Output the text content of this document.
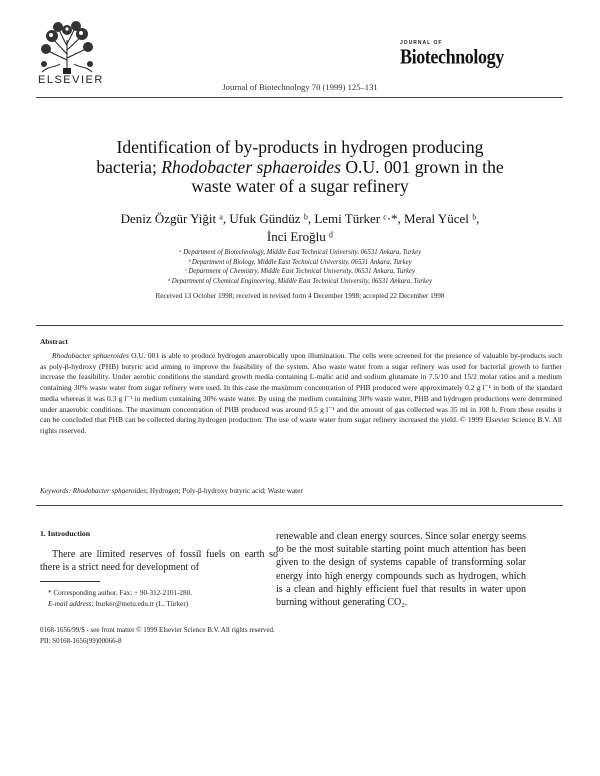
ELSEVIER
Journal of Biotechnology 70 (1999) 125–131
JOURNAL OF
Biotechnology
Identification of by-products in hydrogen producing
bacteria; Rhodobacter sphaeroides O.U. 001 grown in the
waste water of a sugar refinery
Deniz Özgür Yiğit ᵃ, Ufuk Gündüz ᵇ, Lemi Türker ᶜ·*, Meral Yücel ᵇ,
İnci Eroğlu ᵈ
ᵃ Department of Biotechnology, Middle East Technical University, 06531 Ankara, Turkey
ᵇ Department of Biology, Middle East Technical University, 06531 Ankara, Turkey
ᶜ Department of Chemistry, Middle East Technical University, 06531 Ankara, Turkey
ᵈ Department of Chemical Engineering, Middle East Technical University, 06531 Ankara, Turkey
Received 13 October 1998; received in revised form 4 December 1998; accepted 22 December 1998
Abstract
Rhodobacter sphaeroides O.U. 001 is able to produce hydrogen anaerobically upon illumination. The cells were screened for the presence of valuable by-products such as poly-β-hydroxy (PHB) butyric acid aiming to improve the feasibility of the system. Also waste water from a sugar refinery was used for bacterial growth to further increase the feasibility. Under aerobic conditions the standard growth media containing L-malic acid and sodium glutamate in 7.5/10 and 15/2 molar ratios and a medium containing 30% waste water from sugar refinery were used. In this case the maximum concentration of PHB produced were approximately 0.2 g l⁻¹ in both of the standard media whereas it was 0.3 g l⁻¹ in medium containing 30% waste water. By using the medium containing 30% waste water, PHB and hydrogen productions were determined under anaerobic conditions. The maximum concentration of PHB produced was around 0.5 g l⁻¹ and the amount of gas collected was 35 ml in 108 h. From these results it can be concluded that PHB can be collected during hydrogen production. The use of waste water from sugar refinery increased the yield. © 1999 Elsevier Science B.V. All rights reserved.
Keywords: Rhodobacter sphaeroides; Hydrogen; Poly-β-hydroxy butyric acid; Waste water
1. Introduction
There are limited reserves of fossil fuels on earth so there is a strict need for development of
renewable and clean energy sources. Since solar energy seems to be the most suitable starting point much attention has been given to the design of systems capable of transforming solar energy into high energy compounds such as hydrogen, which is a clean and highly efficient fuel that results in water upon burning without generating CO₂.
* Corresponding author. Fax: + 90-312-2101-280.
E-mail address: lturker@metu.edu.tr (L. Türker)
0168-1656/99/$ - see front matter © 1999 Elsevier Science B.V. All rights reserved.
PII: S0168-1656(99)00066-8
